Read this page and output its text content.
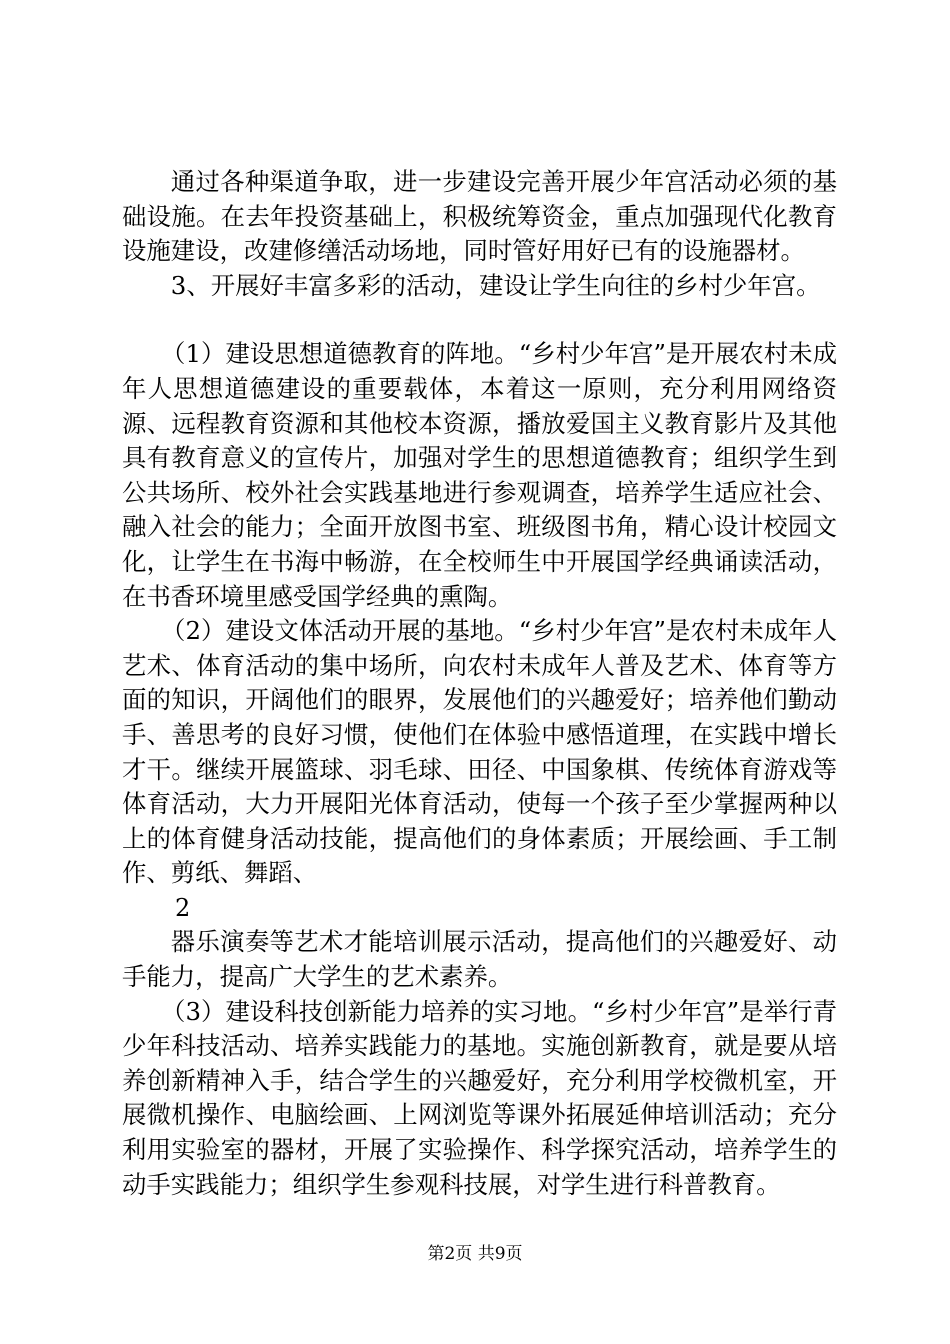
通过各种渠道争取，进一步建设完善开展少年宫活动必须的基础设施。在去年投资基础上，积极统筹资金，重点加强现代化教育设施建设，改建修缮活动场地，同时管好用好已有的设施器材。

3、开展好丰富多彩的活动，建设让学生向往的乡村少年宫。

（1）建设思想道德教育的阵地。“乡村少年宫”是开展农村未成年人思想道德建设的重要载体，本着这一原则，充分利用网络资源、远程教育资源和其他校本资源，播放爱国主义教育影片及其他具有教育意义的宣传片，加强对学生的思想道德教育；组织学生到公共场所、校外社会实践基地进行参观调查，培养学生适应社会、融入社会的能力；全面开放图书室、班级图书角，精心设计校园文化，让学生在书海中畅游，在全校师生中开展国学经典诵读活动，在书香环境里感受国学经典的熏陶。

（2）建设文体活动开展的基地。“乡村少年宫”是农村未成年人艺术、体育活动的集中场所，向农村未成年人普及艺术、体育等方面的知识，开阔他们的眼界，发展他们的兴趣爱好；培养他们勤动手、善思考的良好习惯，使他们在体验中感悟道理，在实践中增长才干。继续开展篮球、羽毛球、田径、中国象棋、传统体育游戏等体育活动，大力开展阳光体育活动，使每一个孩子至少掌握两种以上的体育健身活动技能，提高他们的身体素质；开展绘画、手工制作、剪纸、舞蹈、

2

器乐演奏等艺术才能培训展示活动，提高他们的兴趣爱好、动手能力，提高广大学生的艺术素养。

（3）建设科技创新能力培养的实习地。“乡村少年宫”是举行青少年科技活动、培养实践能力的基地。实施创新教育，就是要从培养创新精神入手，结合学生的兴趣爱好，充分利用学校微机室，开展微机操作、电脑绘画、上网浏览等课外拓展延伸培训活动；充分利用实验室的器材，开展了实验操作、科学探究活动，培养学生的动手实践能力；组织学生参观科技展，对学生进行科普教育。

第2页 共9页
